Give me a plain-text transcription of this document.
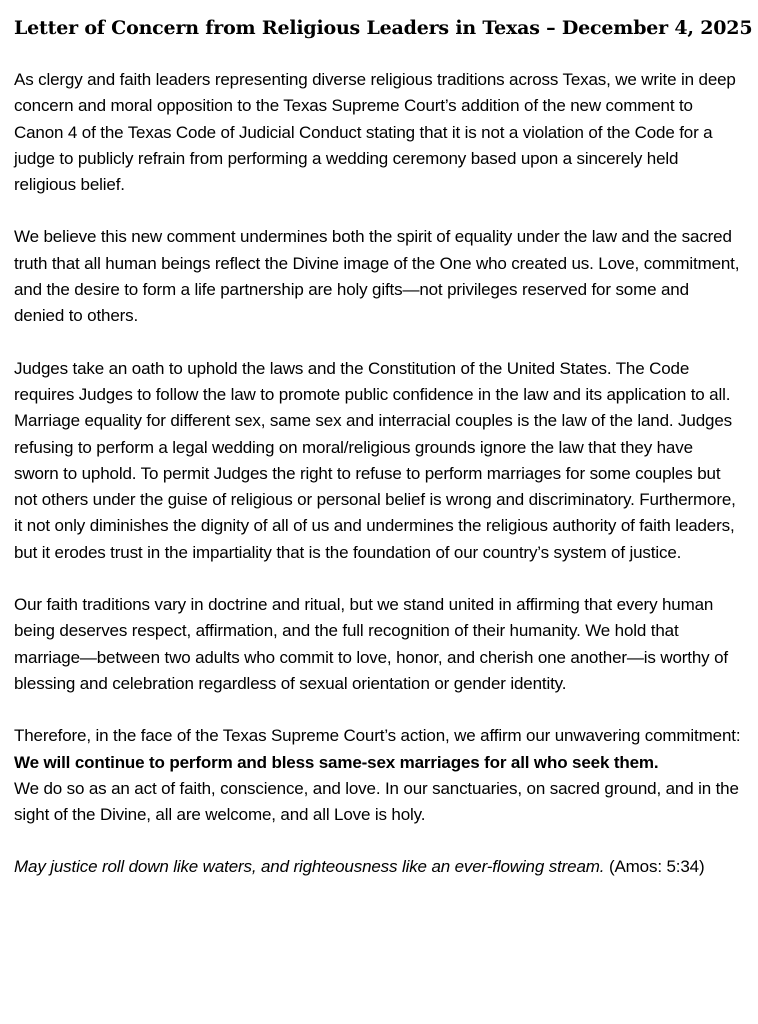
Letter of Concern from Religious Leaders in Texas – December 4, 2025

As clergy and faith leaders representing diverse religious traditions across Texas, we write in deep concern and moral opposition to the Texas Supreme Court’s addition of the new comment to Canon 4 of the Texas Code of Judicial Conduct stating that it is not a violation of the Code for a judge to publicly refrain from performing a wedding ceremony based upon a sincerely held religious belief.

We believe this new comment undermines both the spirit of equality under the law and the sacred truth that all human beings reflect the Divine image of the One who created us. Love, commitment, and the desire to form a life partnership are holy gifts—not privileges reserved for some and denied to others.

Judges take an oath to uphold the laws and the Constitution of the United States. The Code requires Judges to follow the law to promote public confidence in the law and its application to all. Marriage equality for different sex, same sex and interracial couples is the law of the land. Judges refusing to perform a legal wedding on moral/religious grounds ignore the law that they have sworn to uphold. To permit Judges the right to refuse to perform marriages for some couples but not others under the guise of religious or personal belief is wrong and discriminatory. Furthermore, it not only diminishes the dignity of all of us and undermines the religious authority of faith leaders, but it erodes trust in the impartiality that is the foundation of our country’s system of justice.

Our faith traditions vary in doctrine and ritual, but we stand united in affirming that every human being deserves respect, affirmation, and the full recognition of their humanity. We hold that marriage—between two adults who commit to love, honor, and cherish one another—is worthy of blessing and celebration regardless of sexual orientation or gender identity.

Therefore, in the face of the Texas Supreme Court’s action, we affirm our unwavering commitment:
We will continue to perform and bless same-sex marriages for all who seek them.
We do so as an act of faith, conscience, and love. In our sanctuaries, on sacred ground, and in the sight of the Divine, all are welcome, and all Love is holy.

May justice roll down like waters, and righteousness like an ever-flowing stream. (Amos: 5:34)
